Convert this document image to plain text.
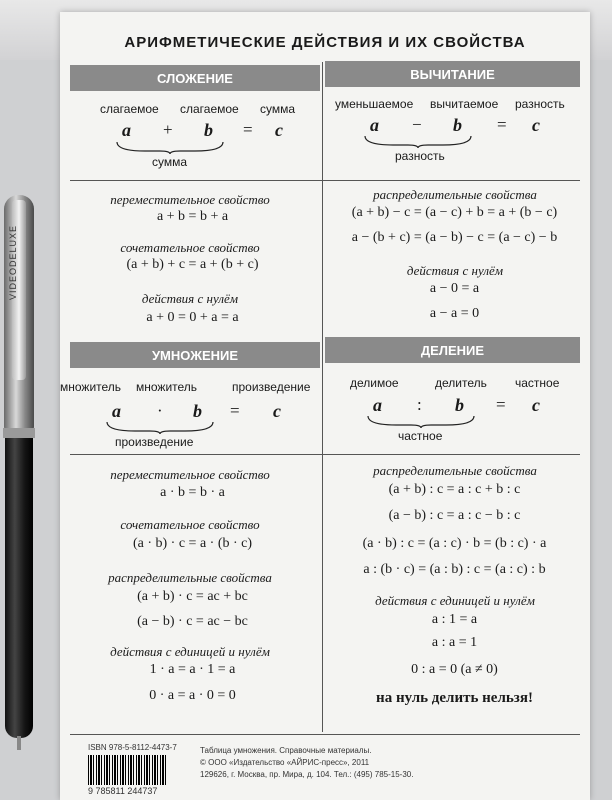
АРИФМЕТИЧЕСКИЕ ДЕЙСТВИЯ И ИХ СВОЙСТВА
СЛОЖЕНИЕ
слагаемое слагаемое сумма
a + b = c
сумма
переместительное свойство
a + b = b + a
сочетательное свойство
(a + b) + c = a + (b + c)
действия с нулём
a + 0 = 0 + a = a
ВЫЧИТАНИЕ
уменьшаемое вычитаемое разность
a − b = c
разность
распределительные свойства
(a + b) − c = (a − c) + b = a + (b − c)
a − (b + c) = (a − b) − c = (a − c) − b
действия с нулём
a − 0 = a
a − a = 0
УМНОЖЕНИЕ
множитель множитель	произведение
a · b = c
произведение
переместительное свойство
a · b = b · a
сочетательное свойство
(a · b) · c = a · (b · c)
распределительные свойства
(a + b) · c = ac + bc
(a − b) · c = ac − bc
действия с единицей и нулём
1 · a = a · 1 = a
0 · a = a · 0 = 0
ДЕЛЕНИЕ
делимое	делитель частное
a : b = c
частное
распределительные свойства
(a + b) : c = a : c + b : c
(a − b) : c = a : c − b : c
(a · b) : c = (a : c) · b = (b : c) · a
a : (b · c) = (a : b) : c = (a : c) : b
действия с единицей и нулём
a : 1 = a
a : a = 1
0 : a = 0 (a ≠ 0)
на нуль делить нельзя!
ISBN 978-5-8112-4473-7
9 785811 244737
Таблица умножения. Справочные материалы.
© ООО «Издательство «АЙРИС-пресс», 2011
129626, г. Москва, пр. Мира, д. 104. Тел.: (495) 785-15-30.
VIDEODELUXE
